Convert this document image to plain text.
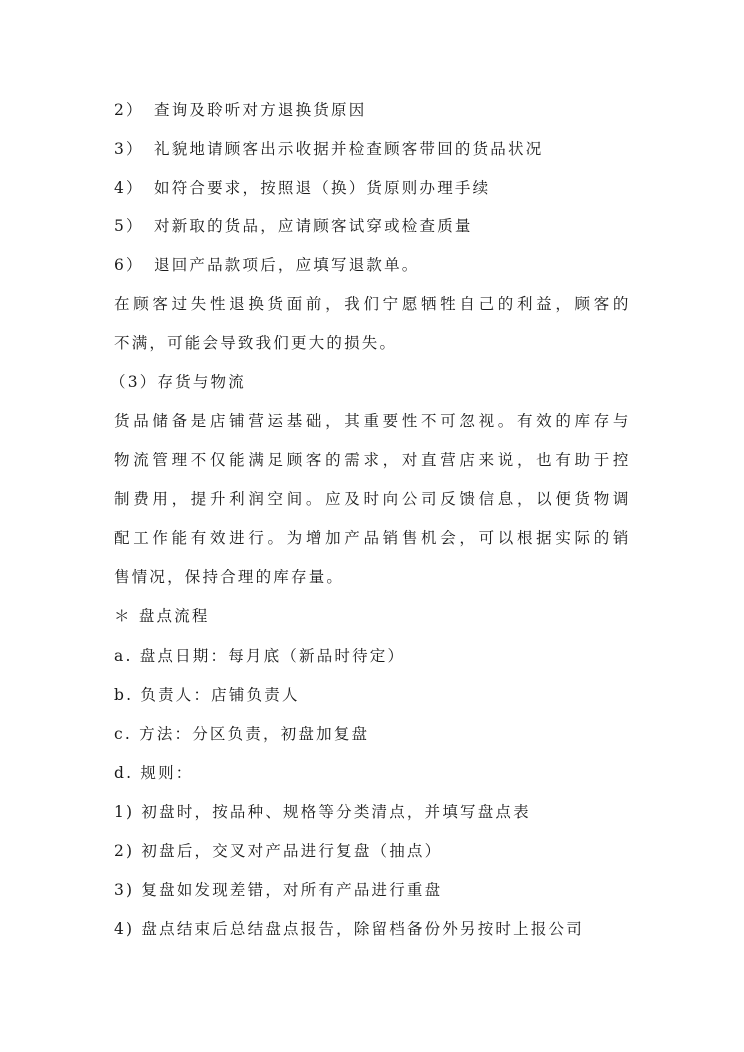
2） 查询及聆听对方退换货原因
3） 礼貌地请顾客出示收据并检查顾客带回的货品状况
4） 如符合要求，按照退（换）货原则办理手续
5） 对新取的货品，应请顾客试穿或检查质量
6） 退回产品款项后，应填写退款单。
在顾客过失性退换货面前，我们宁愿牺牲自己的利益，顾客的
不满，可能会导致我们更大的损失。
（3）存货与物流
货品储备是店铺营运基础，其重要性不可忽视。有效的库存与
物流管理不仅能满足顾客的需求，对直营店来说，也有助于控
制费用，提升利润空间。应及时向公司反馈信息，以便货物调
配工作能有效进行。为增加产品销售机会，可以根据实际的销
售情况，保持合理的库存量。
＊ 盘点流程
a. 盘点日期：每月底（新品时待定）
b. 负责人：店铺负责人
c. 方法：分区负责，初盘加复盘
d. 规则：
1) 初盘时，按品种、规格等分类清点，并填写盘点表
2) 初盘后，交叉对产品进行复盘（抽点）
3) 复盘如发现差错，对所有产品进行重盘
4) 盘点结束后总结盘点报告，除留档备份外另按时上报公司
